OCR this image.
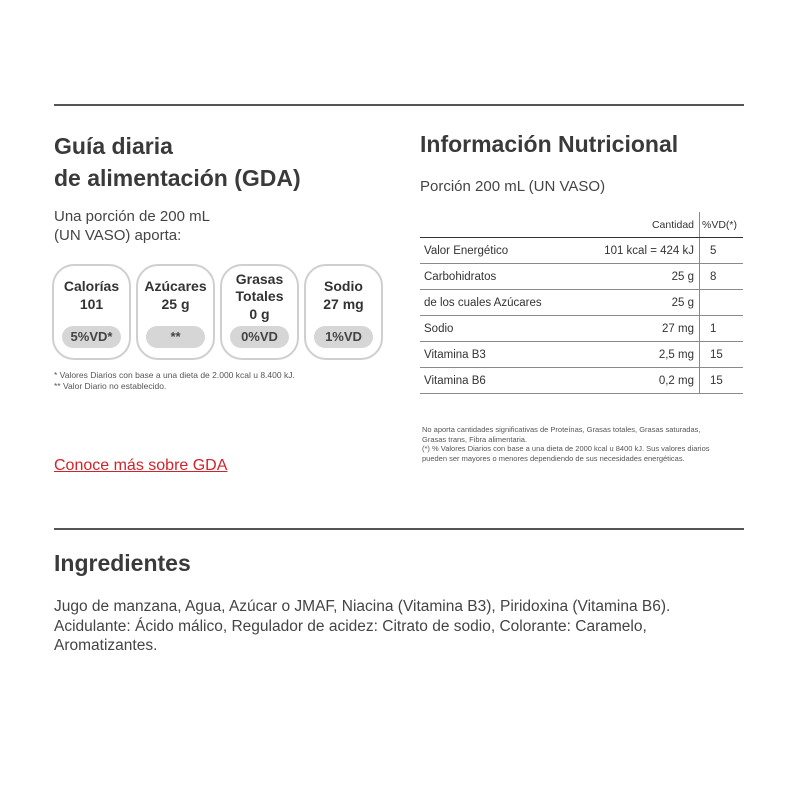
Guía diaria
de alimentación (GDA)
Una porción de 200 mL
(UN VASO) aporta:
Calorías
101
5%VD*
Azúcares
25 g
**
Grasas
Totales
0 g
0%VD
Sodio
27 mg
1%VD
* Valores Diarios con base a una dieta de 2.000 kcal u 8.400 kJ.
** Valor Diario no establecido.
Conoce más sobre GDA
Información Nutricional
Porción 200 mL (UN VASO)
	Cantidad	%VD(*)
Valor Energético	101 kcal = 424 kJ	5
Carbohidratos	25 g	8
de los cuales Azúcares	25 g	
Sodio	27 mg	1
Vitamina B3	2,5 mg	15
Vitamina B6	0,2 mg	15
No aporta cantidades significativas de Proteínas, Grasas totales, Grasas saturadas, Grasas trans, Fibra alimentaria.
(*) % Valores Diarios con base a una dieta de 2000 kcal u 8400 kJ. Sus valores diarios pueden ser mayores o menores dependiendo de sus necesidades energéticas.
Ingredientes
Jugo de manzana, Agua, Azúcar o JMAF, Niacina (Vitamina B3), Piridoxina (Vitamina B6). Acidulante: Ácido málico, Regulador de acidez: Citrato de sodio, Colorante: Caramelo, Aromatizantes.
